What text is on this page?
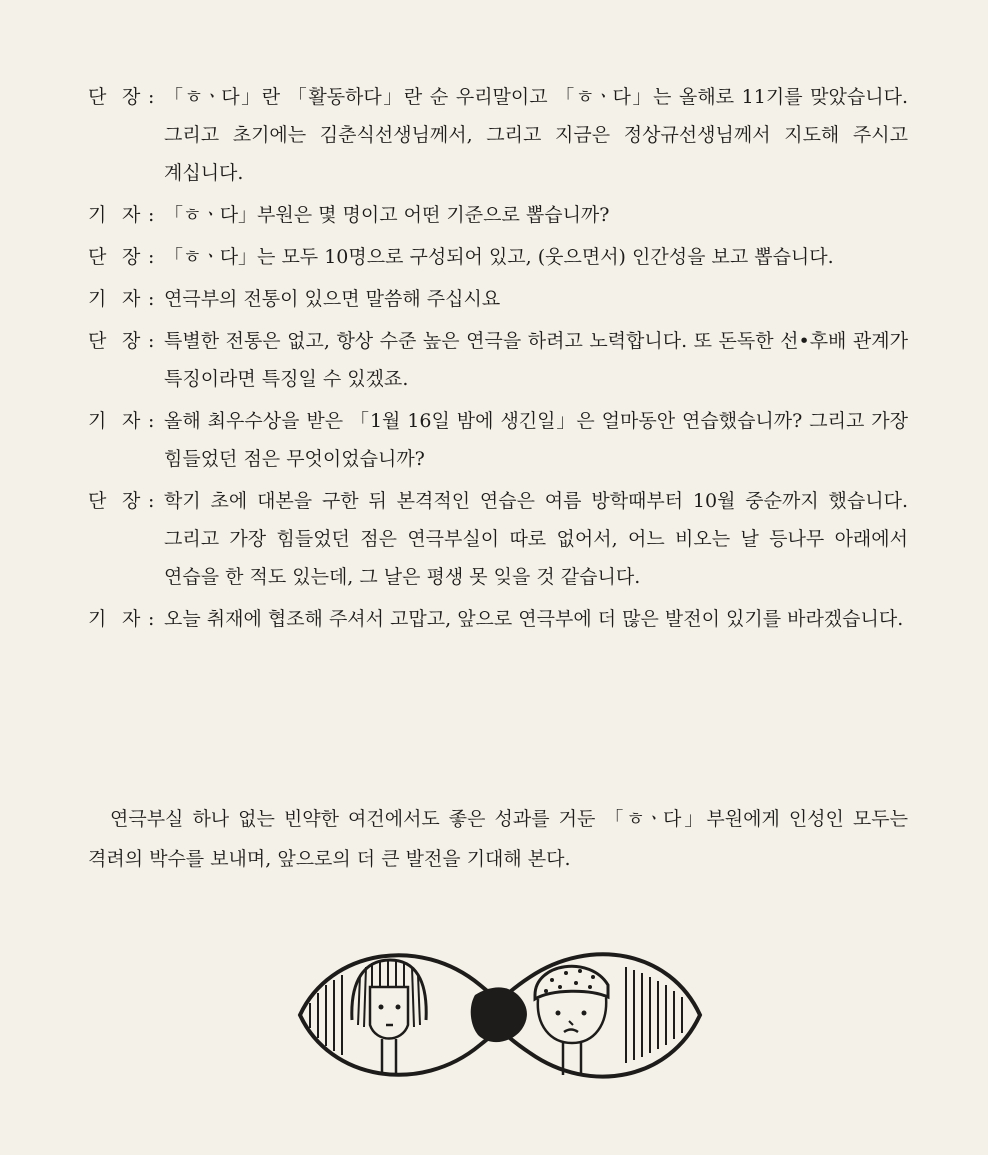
단 장 : 「ㅎㆍ다」란 「활동하다」란 순 우리말이고 「ㅎㆍ다」는 올해로 11기를 맞았습니다. 그리고 초기에는 김춘식선생님께서, 그리고 지금은 정상규선생님께서 지도해 주시고 계십니다.
기 자 : 「ㅎㆍ다」부원은 몇 명이고 어떤 기준으로 뽑습니까?
단 장 : 「ㅎㆍ다」는 모두 10명으로 구성되어 있고, (웃으면서) 인간성을 보고 뽑습니다.
기 자 : 연극부의 전통이 있으면 말씀해 주십시요
단 장 : 특별한 전통은 없고, 항상 수준 높은 연극을 하려고 노력합니다. 또 돈독한 선•후배 관계가 특징이라면 특징일 수 있겠죠.
기 자 : 올해 최우수상을 받은 「1월 16일 밤에 생긴일」은 얼마동안 연습했습니까? 그리고 가장 힘들었던 점은 무엇이었습니까?
단 장 : 학기 초에 대본을 구한 뒤 본격적인 연습은 여름 방학때부터 10월 중순까지 했습니다. 그리고 가장 힘들었던 점은 연극부실이 따로 없어서, 어느 비오는 날 등나무 아래에서 연습을 한 적도 있는데, 그 날은 평생 못 잊을 것 같습니다.
기 자 : 오늘 취재에 협조해 주셔서 고맙고, 앞으로 연극부에 더 많은 발전이 있기를 바라겠습니다.

연극부실 하나 없는 빈약한 여건에서도 좋은 성과를 거둔 「ㅎㆍ다」부원에게 인성인 모두는 격려의 박수를 보내며, 앞으로의 더 큰 발전을 기대해 본다.
